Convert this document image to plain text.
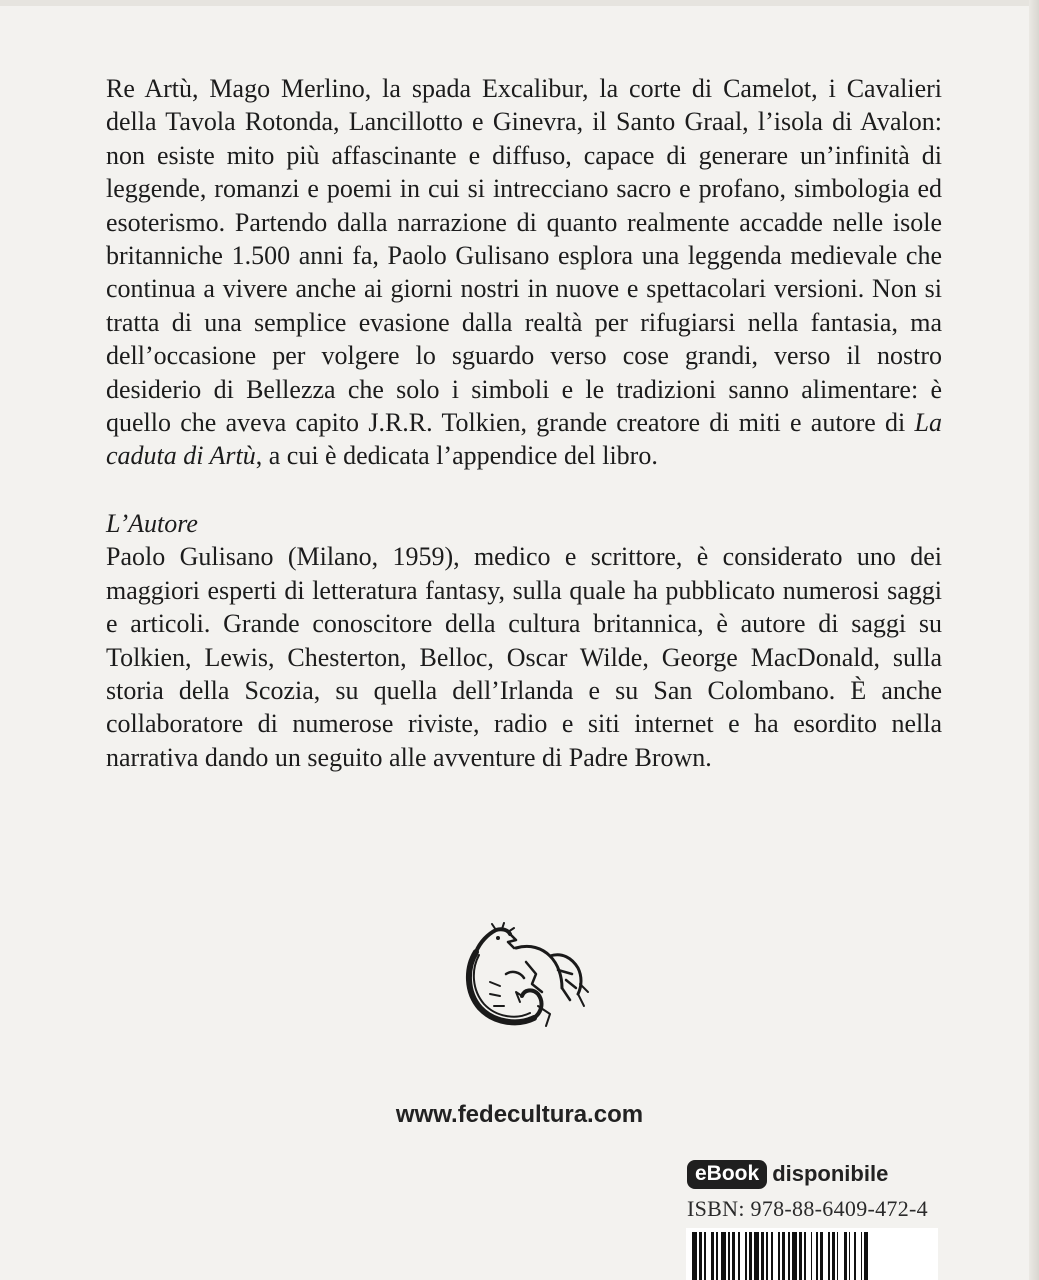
Re Artù, Mago Merlino, la spada Excalibur, la corte di Camelot, i Cavalieri della Tavola Rotonda, Lancillotto e Ginevra, il Santo Graal, l’isola di Avalon: non esiste mito più affascinante e diffuso, capace di generare un’infinità di leggende, romanzi e poemi in cui si intrecciano sacro e profano, simbologia ed esoterismo. Partendo dalla narrazione di quanto realmente accadde nelle isole britanniche 1.500 anni fa, Paolo Gulisano esplora una leggenda medievale che continua a vivere anche ai giorni nostri in nuove e spettacolari versioni. Non si tratta di una semplice evasione dalla realtà per rifugiarsi nella fantasia, ma dell’occasione per volgere lo sguardo verso cose grandi, verso il nostro desiderio di Bellezza che solo i simboli e le tradizioni sanno alimentare: è quello che aveva capito J.R.R. Tolkien, grande creatore di miti e autore di La caduta di Artù, a cui è dedicata l’appendice del libro.

L’Autore

Paolo Gulisano (Milano, 1959), medico e scrittore, è considerato uno dei maggiori esperti di letteratura fantasy, sulla quale ha pubblicato numerosi saggi e articoli. Grande conoscitore della cultura britannica, è autore di saggi su Tolkien, Lewis, Chesterton, Belloc, Oscar Wilde, George MacDonald, sulla storia della Scozia, su quella dell’Irlanda e su San Colombano. È anche collaboratore di numerose riviste, radio e siti internet e ha esordito nella narrativa dando un seguito alle avventure di Padre Brown.

www.fedecultura.com
eBook disponibile
ISBN: 978-88-6409-472-4
